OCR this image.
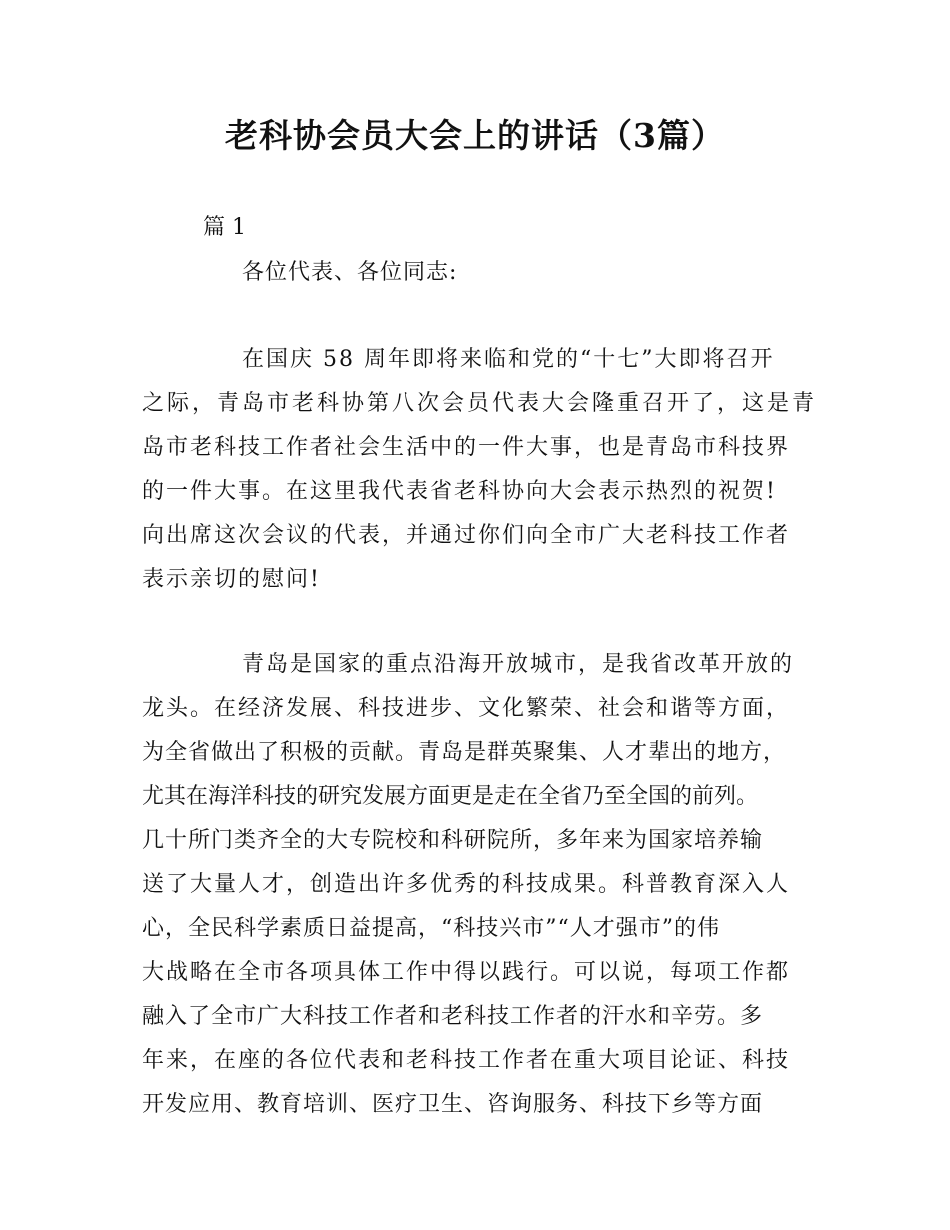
老科协会员大会上的讲话（3篇）

篇 1

各位代表、各位同志:

在国庆 58 周年即将来临和党的“十七”大即将召开

之际，青岛市老科协第八次会员代表大会隆重召开了，这是青

岛市老科技工作者社会生活中的一件大事，也是青岛市科技界

的一件大事。在这里我代表省老科协向大会表示热烈的祝贺!

向出席这次会议的代表，并通过你们向全市广大老科技工作者

表示亲切的慰问!

青岛是国家的重点沿海开放城市，是我省改革开放的

龙头。在经济发展、科技进步、文化繁荣、社会和谐等方面，

为全省做出了积极的贡献。青岛是群英聚集、人才辈出的地方，

尤其在海洋科技的研究发展方面更是走在全省乃至全国的前列。

几十所门类齐全的大专院校和科研院所，多年来为国家培养输

送了大量人才，创造出许多优秀的科技成果。科普教育深入人

心，全民科学素质日益提高，“科技兴市”“人才强市”的伟

大战略在全市各项具体工作中得以践行。可以说，每项工作都

融入了全市广大科技工作者和老科技工作者的汗水和辛劳。多

年来，在座的各位代表和老科技工作者在重大项目论证、科技

开发应用、教育培训、医疗卫生、咨询服务、科技下乡等方面
